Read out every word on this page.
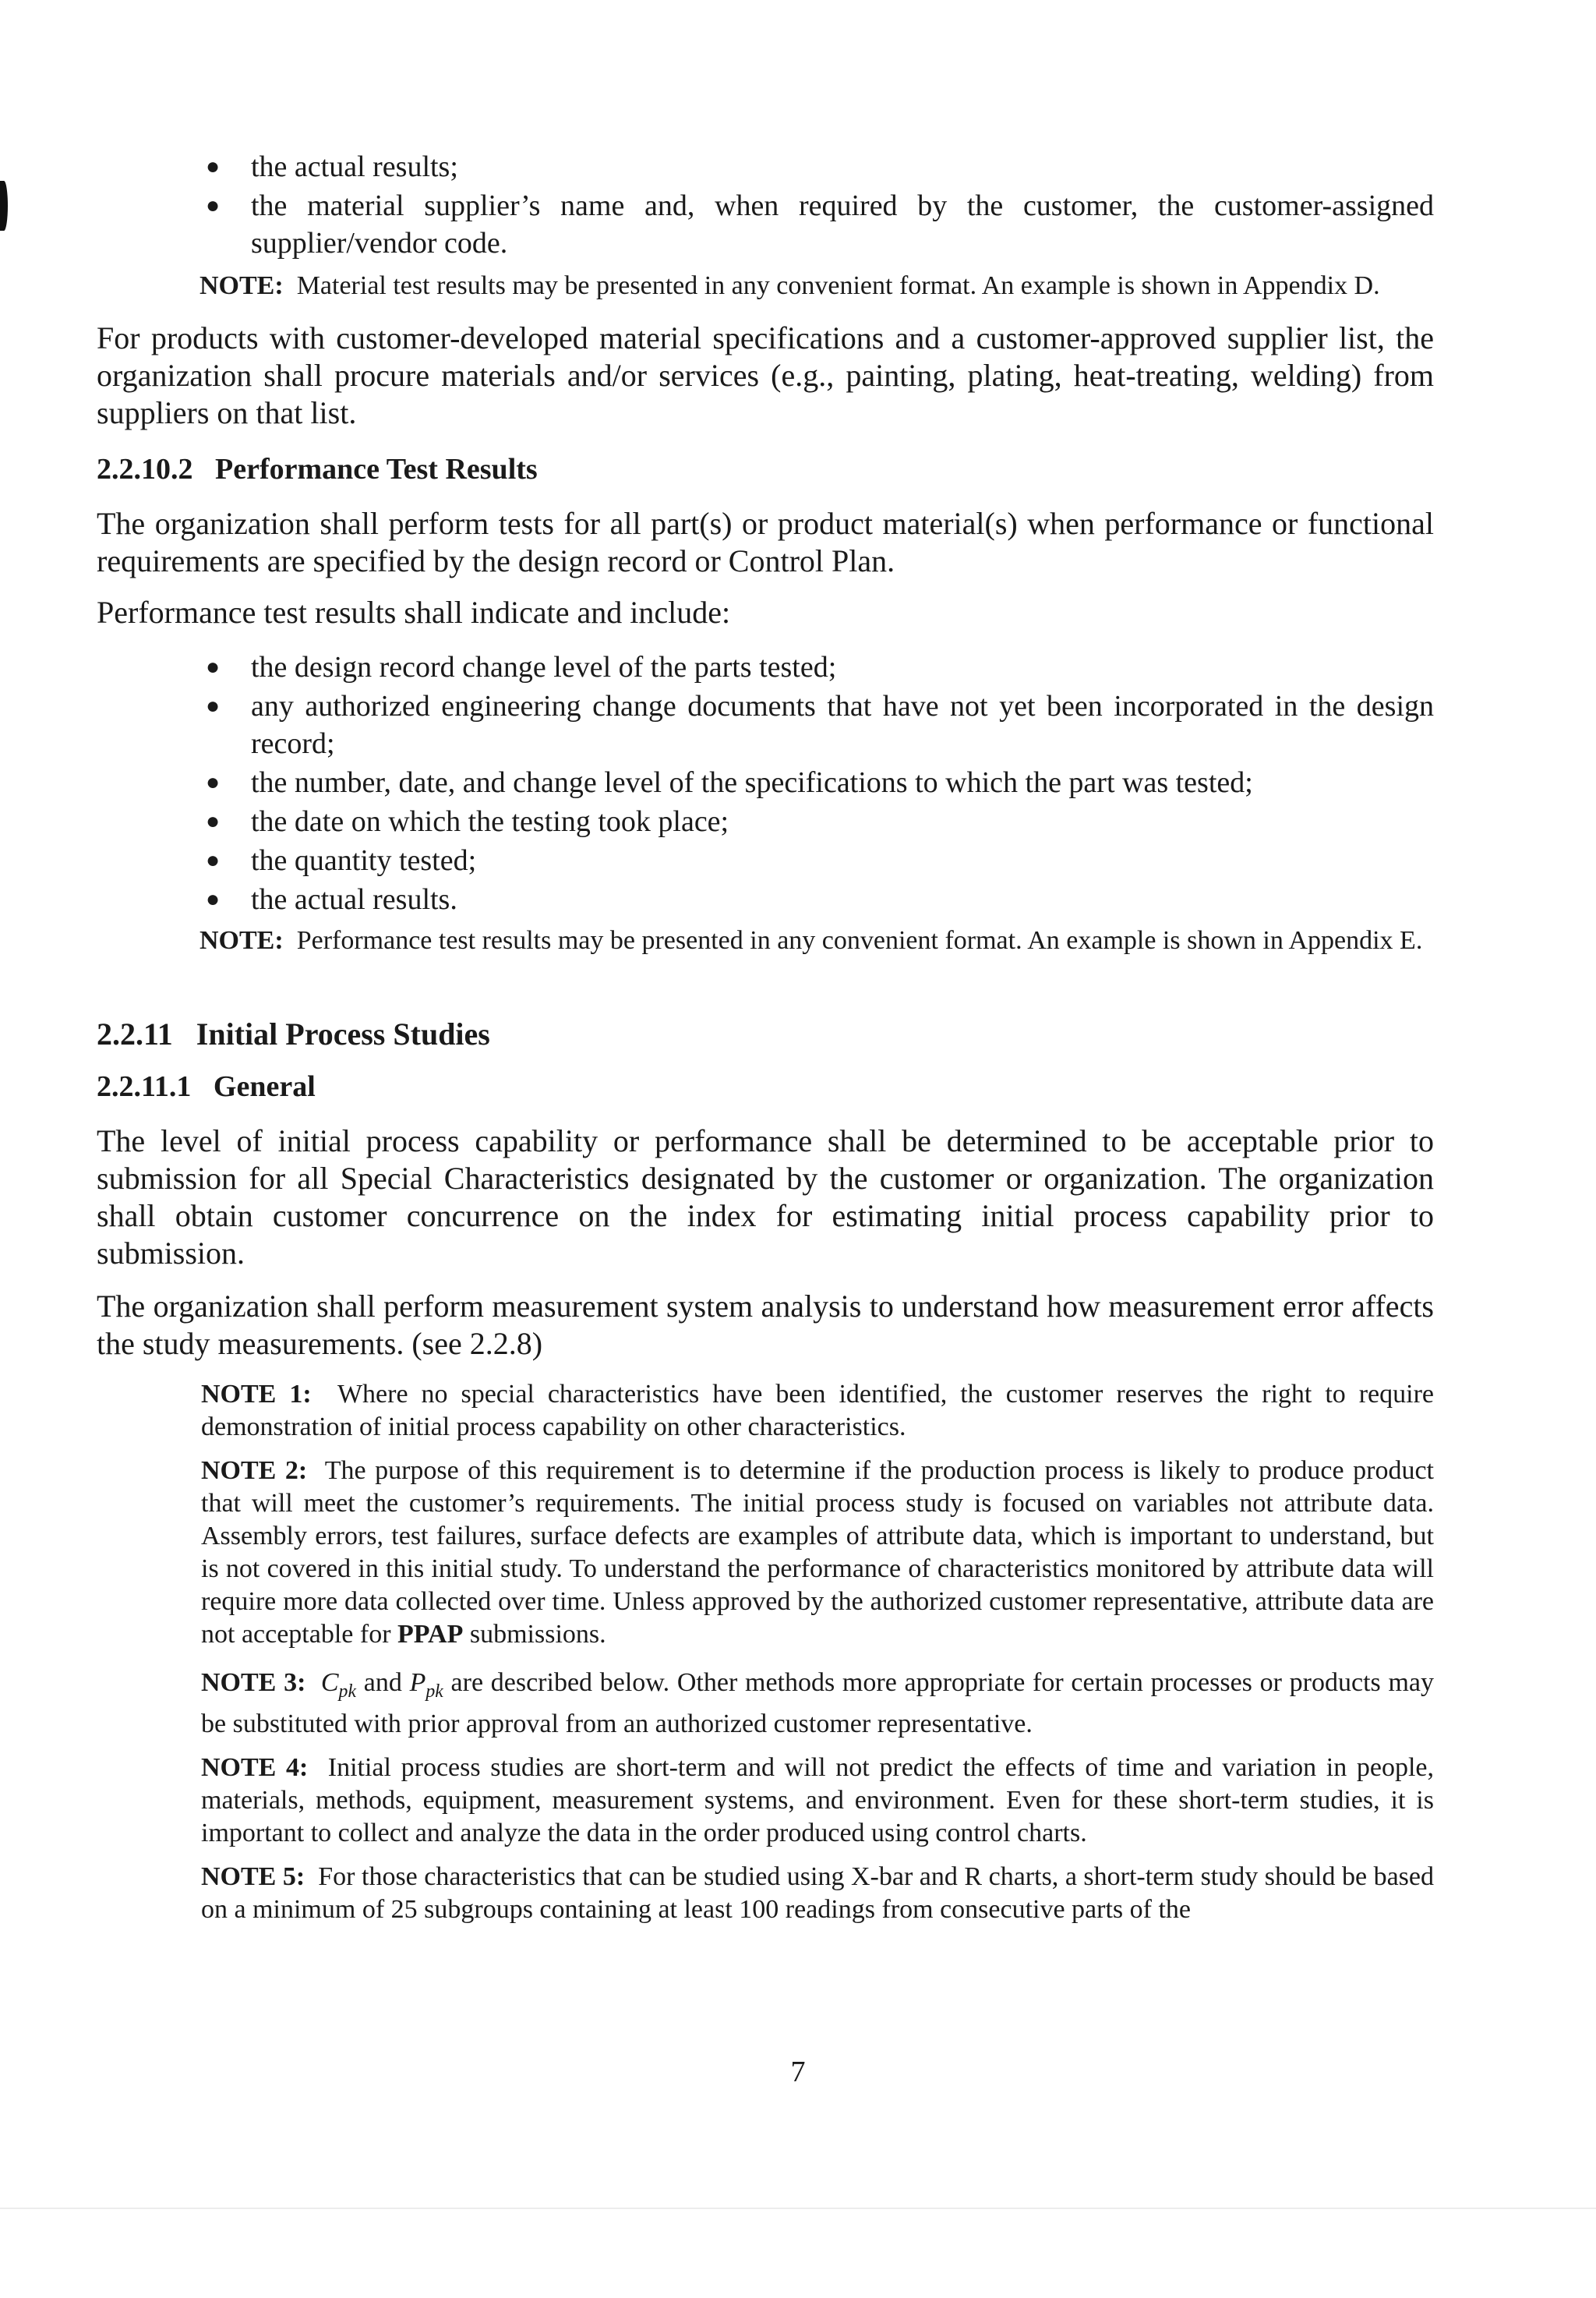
● the actual results;
● the material supplier’s name and, when required by the customer, the customer-assigned supplier/vendor code.
NOTE: Material test results may be presented in any convenient format. An example is shown in Appendix D.

For products with customer-developed material specifications and a customer-approved supplier list, the organization shall procure materials and/or services (e.g., painting, plating, heat-treating, welding) from suppliers on that list.

2.2.10.2 Performance Test Results

The organization shall perform tests for all part(s) or product material(s) when performance or functional requirements are specified by the design record or Control Plan.

Performance test results shall indicate and include:

● the design record change level of the parts tested;
● any authorized engineering change documents that have not yet been incorporated in the design record;
● the number, date, and change level of the specifications to which the part was tested;
● the date on which the testing took place;
● the quantity tested;
● the actual results.
NOTE: Performance test results may be presented in any convenient format. An example is shown in Appendix E.
2.2.11 Initial Process Studies
2.2.11.1 General

The level of initial process capability or performance shall be determined to be acceptable prior to submission for all Special Characteristics designated by the customer or organization. The organization shall obtain customer concurrence on the index for estimating initial process capability prior to submission.

The organization shall perform measurement system analysis to understand how measurement error affects the study measurements. (see 2.2.8)

NOTE 1: Where no special characteristics have been identified, the customer reserves the right to require demonstration of initial process capability on other characteristics.
NOTE 2: The purpose of this requirement is to determine if the production process is likely to produce product that will meet the customer’s requirements. The initial process study is focused on variables not attribute data. Assembly errors, test failures, surface defects are examples of attribute data, which is important to understand, but is not covered in this initial study. To understand the performance of characteristics monitored by attribute data will require more data collected over time. Unless approved by the authorized customer representative, attribute data are not acceptable for PPAP submissions.
NOTE 3: $C_{pk}$ and $P_{pk}$ are described below. Other methods more appropriate for certain processes or products may be substituted with prior approval from an authorized customer representative.
NOTE 4: Initial process studies are short-term and will not predict the effects of time and variation in people, materials, methods, equipment, measurement systems, and environment. Even for these short-term studies, it is important to collect and analyze the data in the order produced using control charts.
NOTE 5: For those characteristics that can be studied using X-bar and R charts, a short-term study should be based on a minimum of 25 subgroups containing at least 100 readings from consecutive parts of the
7
